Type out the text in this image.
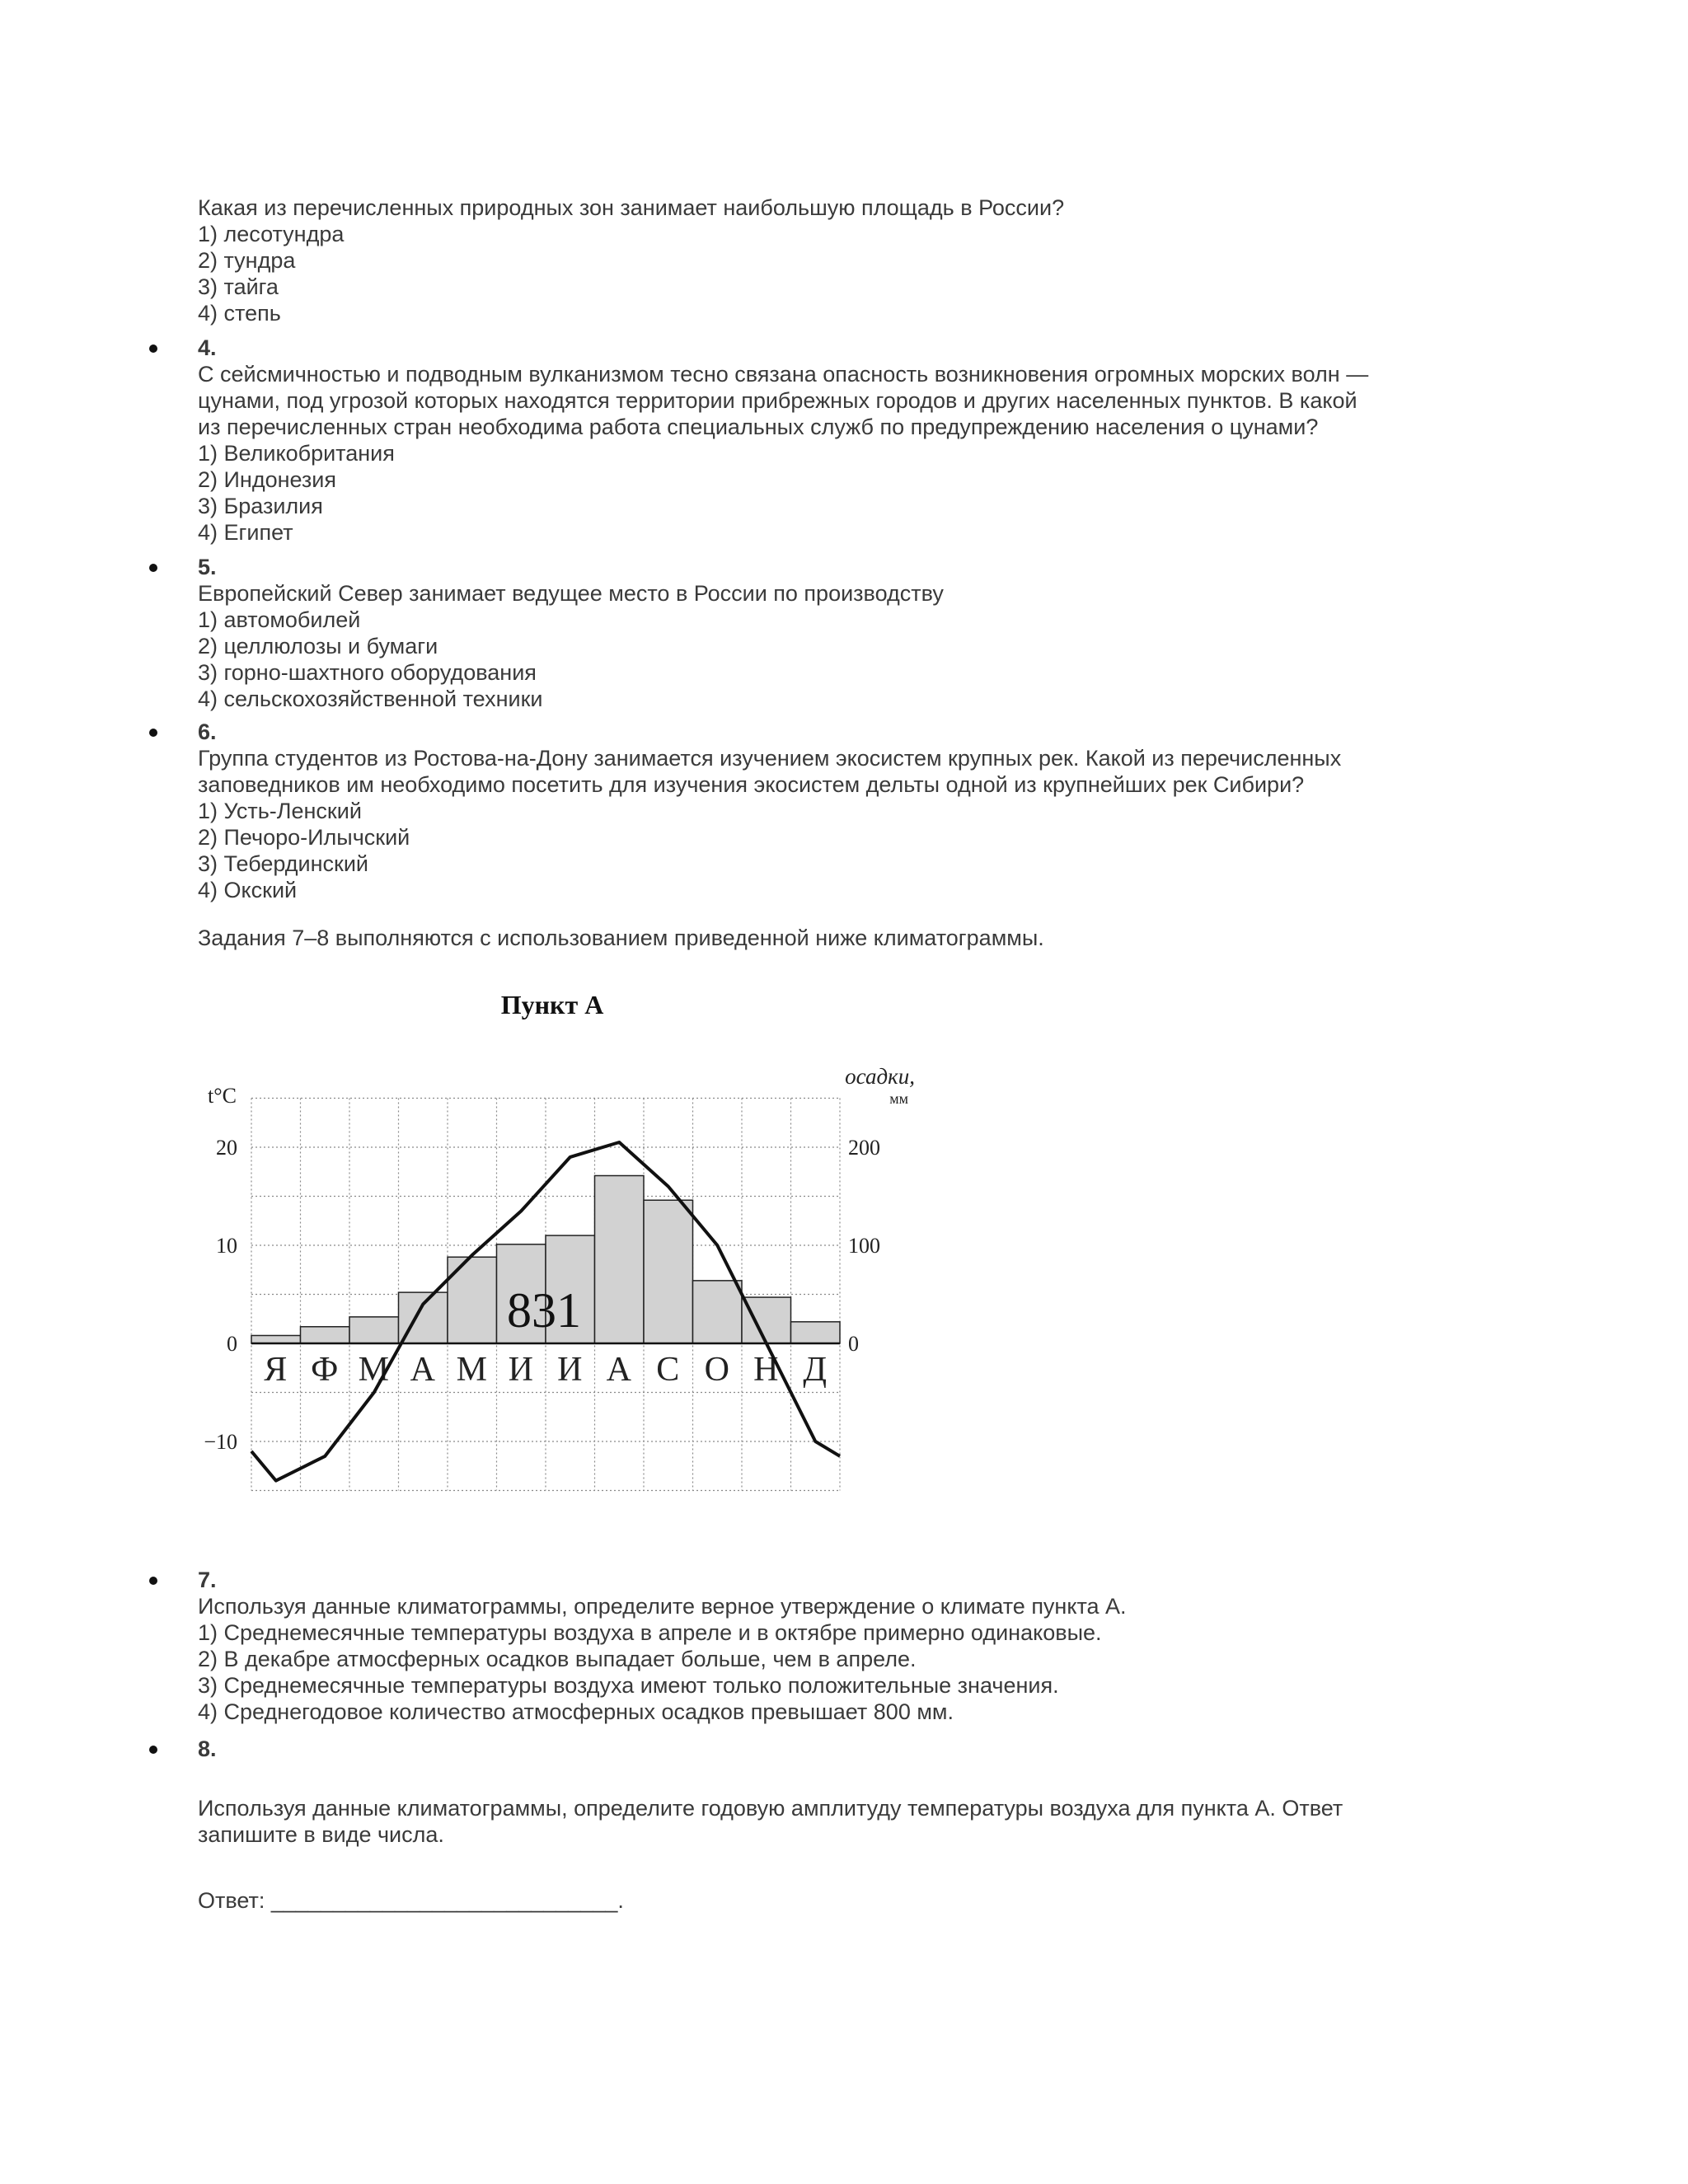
Какая из перечисленных природных зон занимает наибольшую площадь в России?
1) лесотундра
2) тундра
3) тайга
4) степь
4.
С сейсмичностью и подводным вулканизмом тесно связана опасность возникновения огромных морских волн —
цунами, под угрозой которых находятся территории прибрежных городов и других населенных пунктов. В какой
из перечисленных стран необходима работа специальных служб по предупреждению населения о цунами?
1) Великобритания
2) Индонезия
3) Бразилия
4) Египет
5.
Европейский Север занимает ведущее место в России по производству
1) автомобилей
2) целлюлозы и бумаги
3) горно-шахтного оборудования
4) сельскохозяйственной техники
6.
Группа студентов из Ростова-на-Дону занимается изучением экосистем крупных рек. Какой из перечисленных
заповедников им необходимо посетить для изучения экосистем дельты одной из крупнейших рек Сибири?
1) Усть-Ленский
2) Печоро-Илычский
3) Тебердинский
4) Окский
Задания 7–8 выполняются с использованием приведенной ниже климатограммы.
Пункт А
t°C
20
10
0
−10
осадки,
мм
200
100
0
Я Ф М А М И И А С О Н Д
831
7.
Используя данные климатограммы, определите верное утверждение о климате пункта А.
1) Среднемесячные температуры воздуха в апреле и в октябре примерно одинаковые.
2) В декабре атмосферных осадков выпадает больше, чем в апреле.
3) Среднемесячные температуры воздуха имеют только положительные значения.
4) Среднегодовое количество атмосферных осадков превышает 800 мм.
8.
Используя данные климатограммы, определите годовую амплитуду температуры воздуха для пункта А. Ответ
запишите в виде числа.
Ответ: ____________________________.
